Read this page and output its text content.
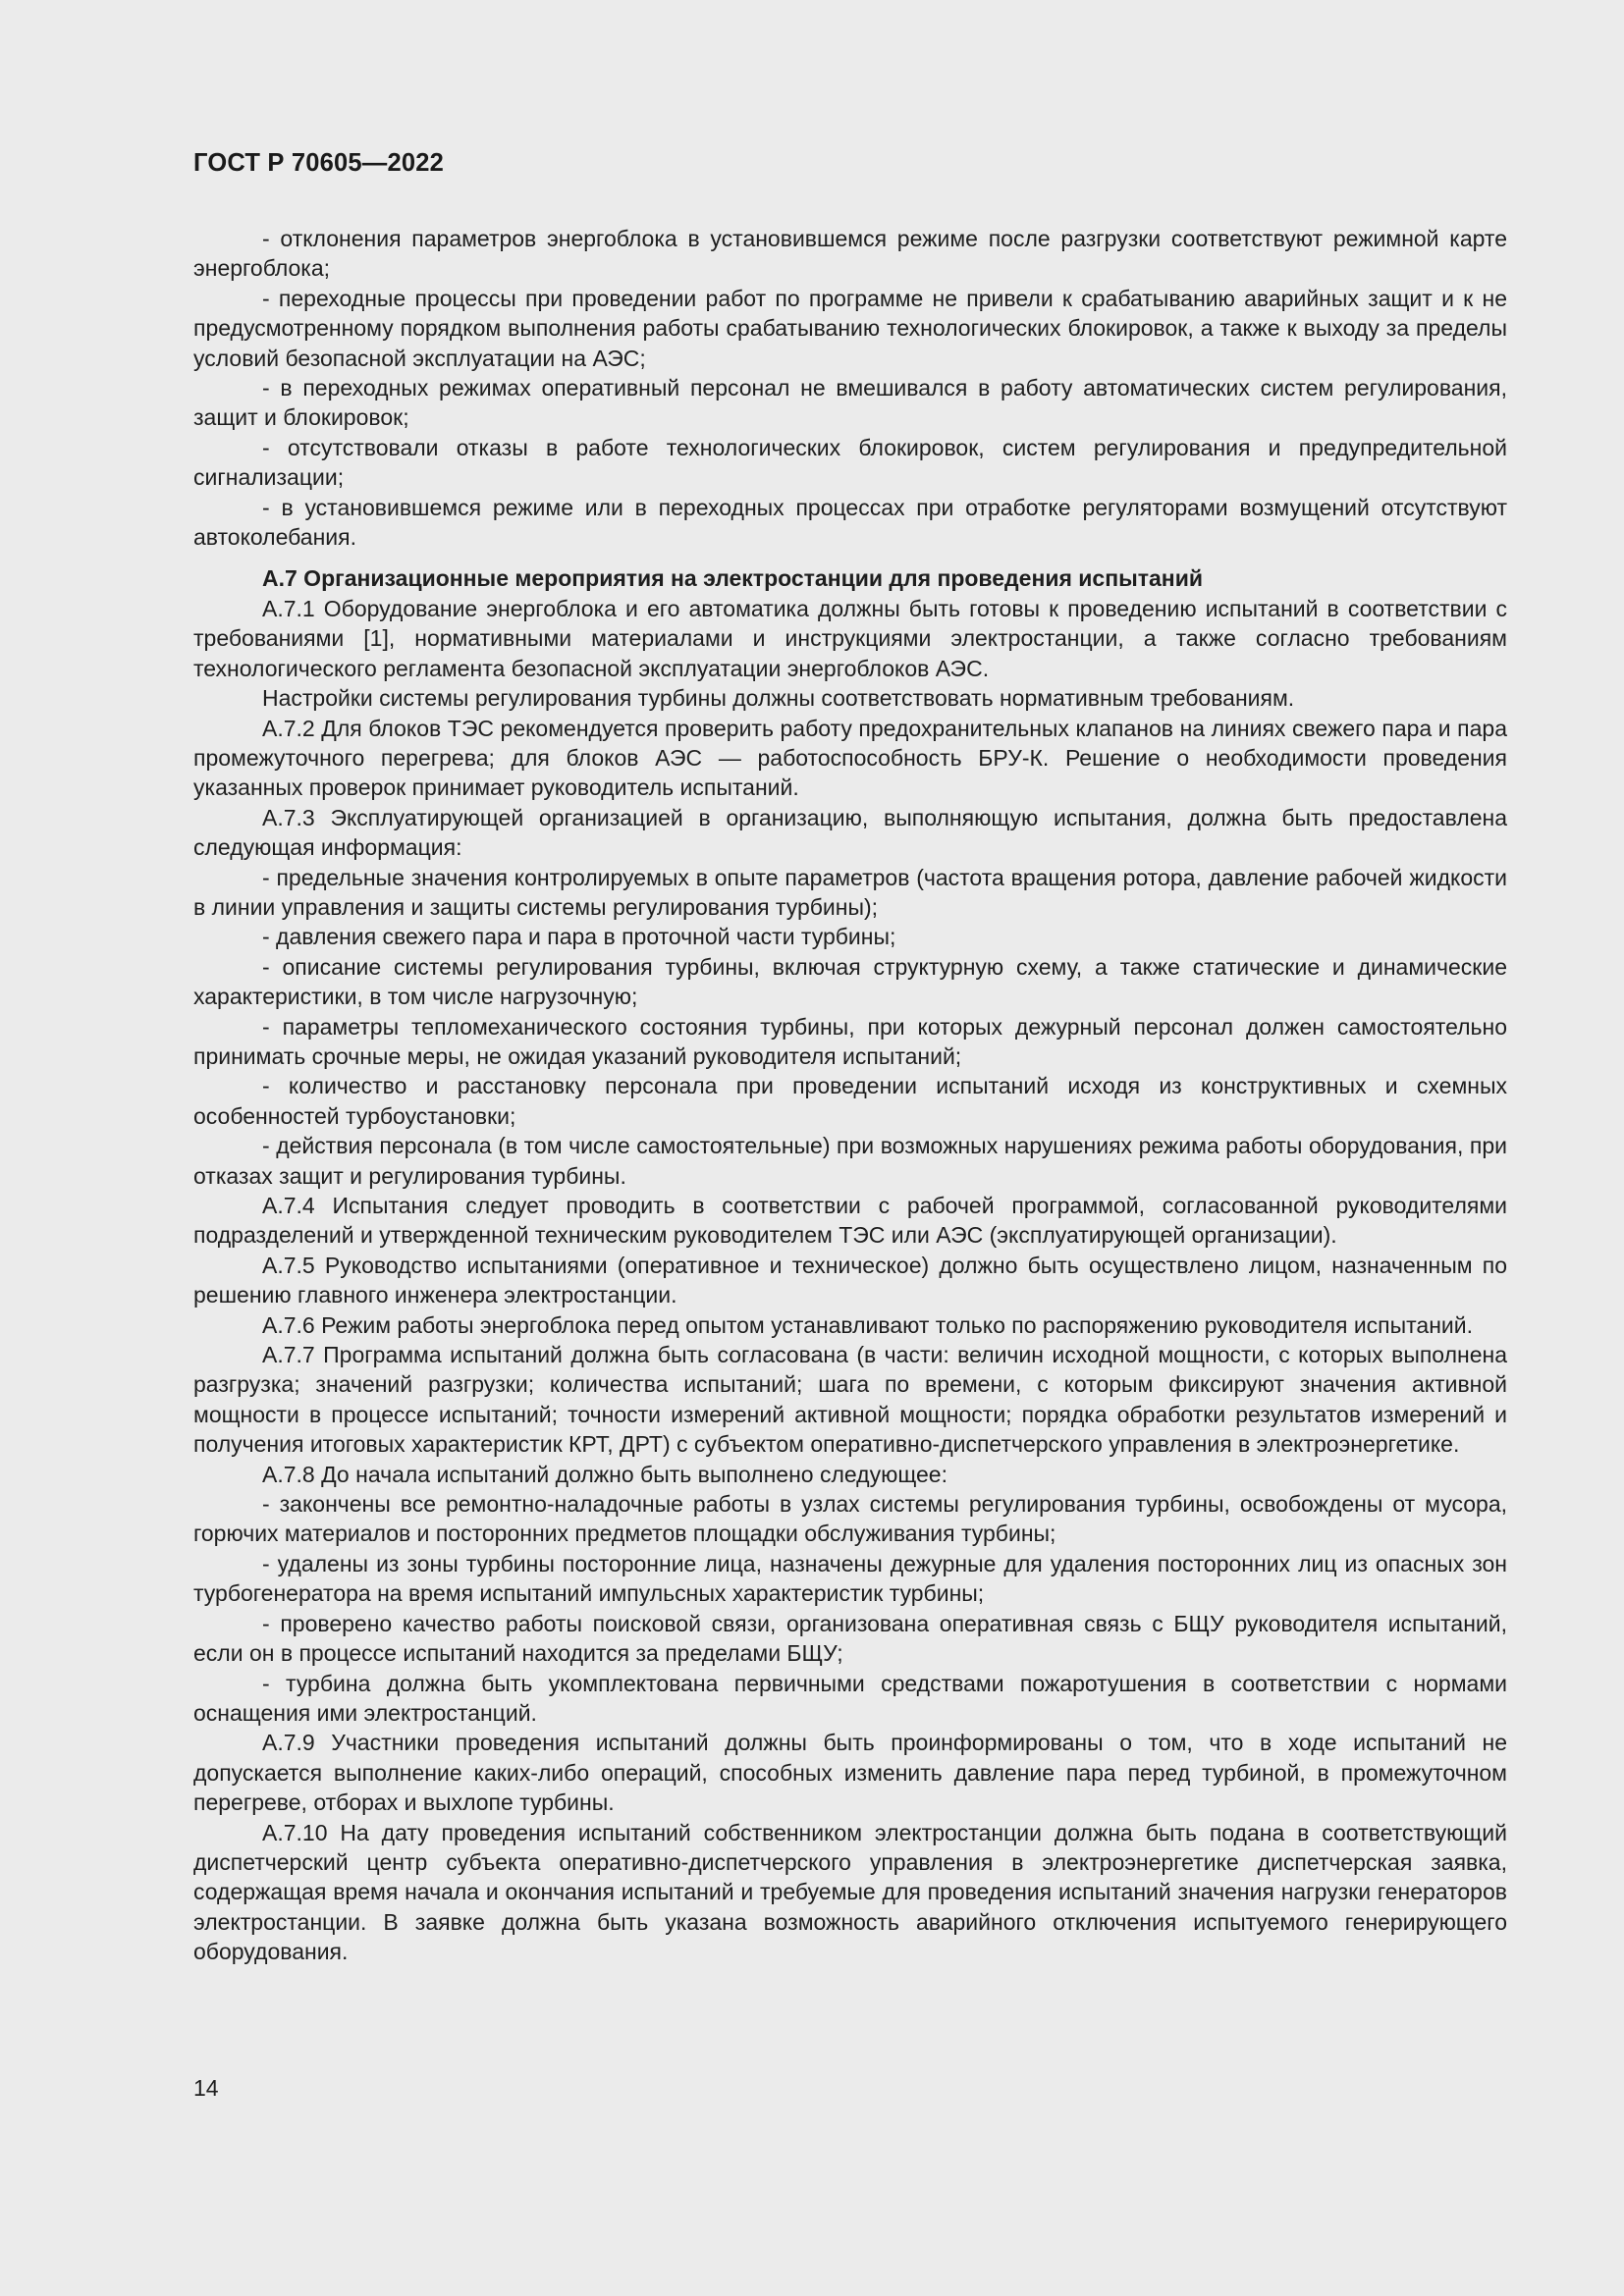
ГОСТ Р 70605—2022

- отклонения параметров энергоблока в установившемся режиме после разгрузки соответствуют режимной карте энергоблока;

- переходные процессы при проведении работ по программе не привели к срабатыванию аварийных защит и к не предусмотренному порядком выполнения работы срабатыванию технологических блокировок, а также к выходу за пределы условий безопасной эксплуатации на АЭС;

- в переходных режимах оперативный персонал не вмешивался в работу автоматических систем регулирования, защит и блокировок;

- отсутствовали отказы в работе технологических блокировок, систем регулирования и предупредительной сигнализации;

- в установившемся режиме или в переходных процессах при отработке регуляторами возмущений отсутствуют автоколебания.

А.7 Организационные мероприятия на электростанции для проведения испытаний

А.7.1 Оборудование энергоблока и его автоматика должны быть готовы к проведению испытаний в соответствии с требованиями [1], нормативными материалами и инструкциями электростанции, а также согласно требованиям технологического регламента безопасной эксплуатации энергоблоков АЭС.

Настройки системы регулирования турбины должны соответствовать нормативным требованиям.

А.7.2 Для блоков ТЭС рекомендуется проверить работу предохранительных клапанов на линиях свежего пара и пара промежуточного перегрева; для блоков АЭС — работоспособность БРУ-К. Решение о необходимости проведения указанных проверок принимает руководитель испытаний.

А.7.3 Эксплуатирующей организацией в организацию, выполняющую испытания, должна быть предоставлена следующая информация:

- предельные значения контролируемых в опыте параметров (частота вращения ротора, давление рабочей жидкости в линии управления и защиты системы регулирования турбины);

- давления свежего пара и пара в проточной части турбины;

- описание системы регулирования турбины, включая структурную схему, а также статические и динамические характеристики, в том числе нагрузочную;

- параметры тепломеханического состояния турбины, при которых дежурный персонал должен самостоятельно принимать срочные меры, не ожидая указаний руководителя испытаний;

- количество и расстановку персонала при проведении испытаний исходя из конструктивных и схемных особенностей турбоустановки;

- действия персонала (в том числе самостоятельные) при возможных нарушениях режима работы оборудования, при отказах защит и регулирования турбины.

А.7.4 Испытания следует проводить в соответствии с рабочей программой, согласованной руководителями подразделений и утвержденной техническим руководителем ТЭС или АЭС (эксплуатирующей организации).

А.7.5 Руководство испытаниями (оперативное и техническое) должно быть осуществлено лицом, назначенным по решению главного инженера электростанции.

А.7.6 Режим работы энергоблока перед опытом устанавливают только по распоряжению руководителя испытаний.

А.7.7 Программа испытаний должна быть согласована (в части: величин исходной мощности, с которых выполнена разгрузка; значений разгрузки; количества испытаний; шага по времени, с которым фиксируют значения активной мощности в процессе испытаний; точности измерений активной мощности; порядка обработки результатов измерений и получения итоговых характеристик КРТ, ДРТ) с субъектом оперативно-диспетчерского управления в электроэнергетике.

А.7.8 До начала испытаний должно быть выполнено следующее:

- закончены все ремонтно-наладочные работы в узлах системы регулирования турбины, освобождены от мусора, горючих материалов и посторонних предметов площадки обслуживания турбины;

- удалены из зоны турбины посторонние лица, назначены дежурные для удаления посторонних лиц из опасных зон турбогенератора на время испытаний импульсных характеристик турбины;

- проверено качество работы поисковой связи, организована оперативная связь с БЩУ руководителя испытаний, если он в процессе испытаний находится за пределами БЩУ;

- турбина должна быть укомплектована первичными средствами пожаротушения в соответствии с нормами оснащения ими электростанций.

А.7.9 Участники проведения испытаний должны быть проинформированы о том, что в ходе испытаний не допускается выполнение каких-либо операций, способных изменить давление пара перед турбиной, в промежуточном перегреве, отборах и выхлопе турбины.

А.7.10 На дату проведения испытаний собственником электростанции должна быть подана в соответствующий диспетчерский центр субъекта оперативно-диспетчерского управления в электроэнергетике диспетчерская заявка, содержащая время начала и окончания испытаний и требуемые для проведения испытаний значения нагрузки генераторов электростанции. В заявке должна быть указана возможность аварийного отключения испытуемого генерирующего оборудования.

14
